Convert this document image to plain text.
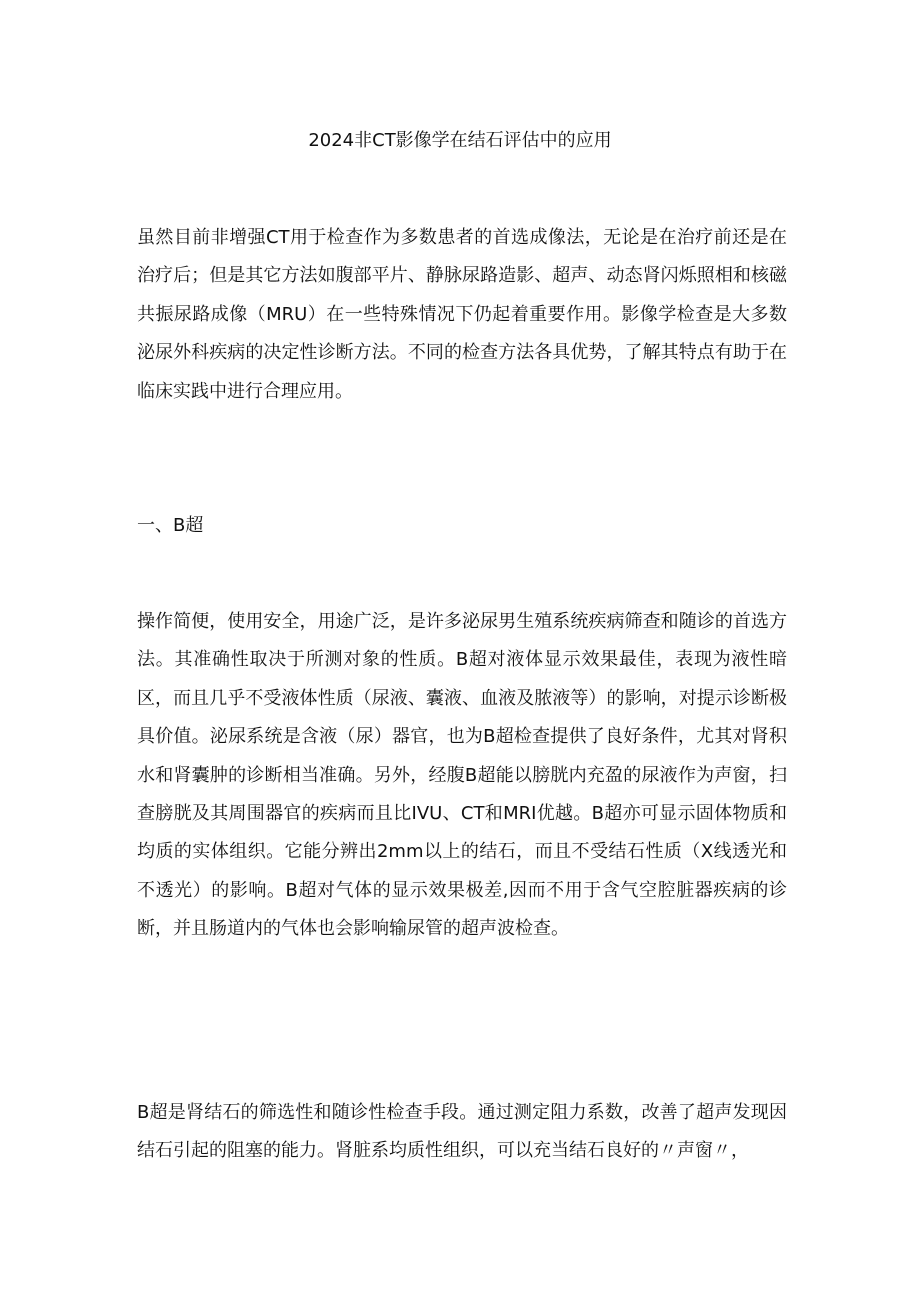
2024非CT影像学在结石评估中的应用

虽然目前非增强CT用于检查作为多数患者的首选成像法，无论是在治疗前还是在治疗后；但是其它方法如腹部平片、静脉尿路造影、超声、动态肾闪烁照相和核磁共振尿路成像（MRU）在一些特殊情况下仍起着重要作用。影像学检查是大多数泌尿外科疾病的决定性诊断方法。不同的检查方法各具优势，了解其特点有助于在临床实践中进行合理应用。

一、B超

操作简便，使用安全，用途广泛，是许多泌尿男生殖系统疾病筛查和随诊的首选方法。其准确性取决于所测对象的性质。B超对液体显示效果最佳，表现为液性暗区，而且几乎不受液体性质（尿液、囊液、血液及脓液等）的影响，对提示诊断极具价值。泌尿系统是含液（尿）器官，也为B超检查提供了良好条件，尤其对肾积水和肾囊肿的诊断相当准确。另外，经腹B超能以膀胱内充盈的尿液作为声窗，扫查膀胱及其周围器官的疾病而且比IVU、CT和MRI优越。B超亦可显示固体物质和均质的实体组织。它能分辨出2mm以上的结石，而且不受结石性质（X线透光和不透光）的影响。B超对气体的显示效果极差,因而不用于含气空腔脏器疾病的诊断，并且肠道内的气体也会影响输尿管的超声波检查。

B超是肾结石的筛选性和随诊性检查手段。通过测定阻力系数，改善了超声发现因结石引起的阻塞的能力。肾脏系均质性组织，可以充当结石良好的〃声窗〃，
